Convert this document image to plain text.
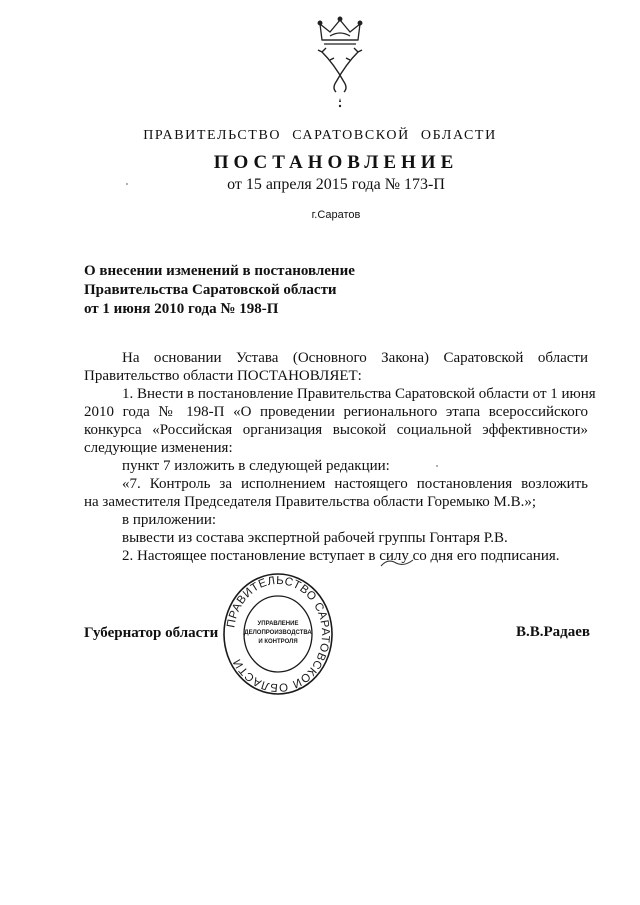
ПРАВИТЕЛЬСТВО САРАТОВСКОЙ ОБЛАСТИ
ПОСТАНОВЛЕНИЕ
от 15 апреля 2015 года № 173-П
г.Саратов
О внесении изменений в постановление
Правительства Саратовской области
от 1 июня 2010 года № 198-П
На основании Устава (Основного Закона) Саратовской области
Правительство области ПОСТАНОВЛЯЕТ:
1. Внести в постановление Правительства Саратовской области от 1 июня
2010 года № 198-П «О проведении регионального этапа всероссийского
конкурса «Российская организация высокой социальной эффективности»
следующие изменения:
пункт 7 изложить в следующей редакции:
«7. Контроль за исполнением настоящего постановления возложить
на заместителя Председателя Правительства области Горемыко М.В.»;
в приложении:
вывести из состава экспертной рабочей группы Гонтаря Р.В.
2. Настоящее постановление вступает в силу со дня его подписания.
Губернатор области	В.В.Радаев
ПРАВИТЕЛЬСТВО САРАТОВСКОЙ ОБЛАСТИ
УПРАВЛЕНИЕ
ДЕЛОПРОИЗВОДСТВА
И КОНТРОЛЯ
